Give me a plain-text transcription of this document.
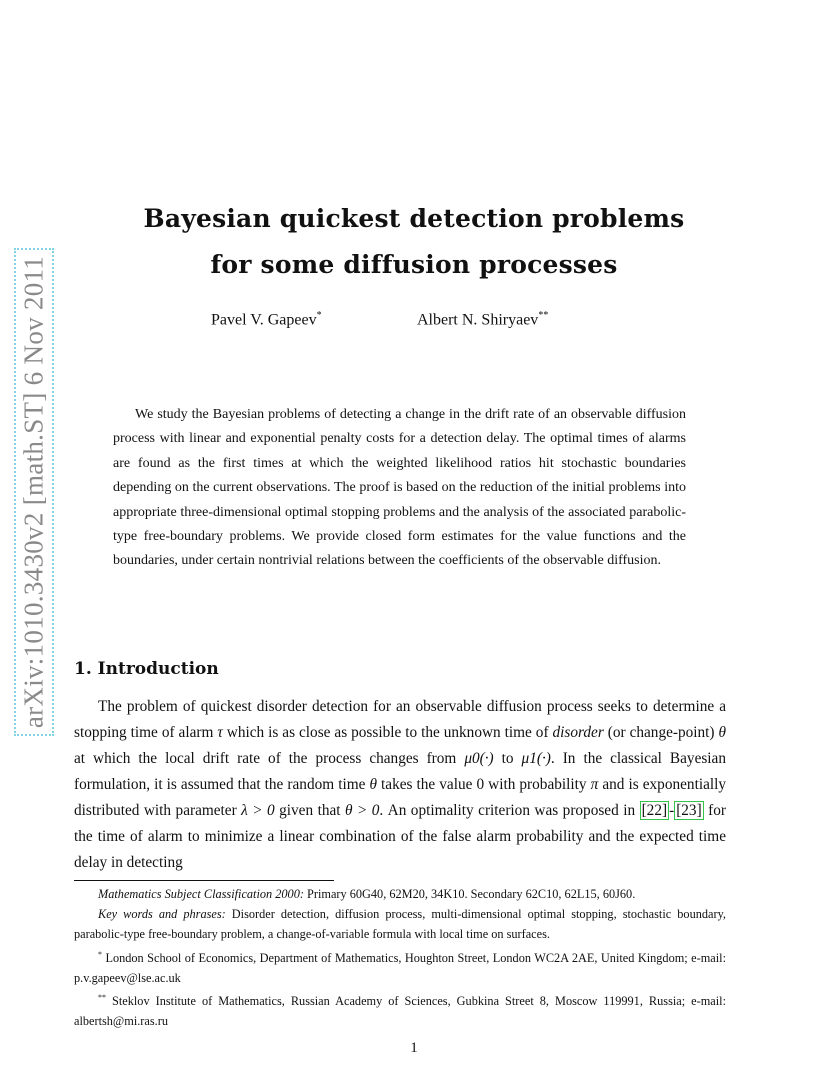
arXiv:1010.3430v2 [math.ST] 6 Nov 2011
Bayesian quickest detection problems
for some diffusion processes
Pavel V. Gapeev*	Albert N. Shiryaev**
We study the Bayesian problems of detecting a change in the drift rate of an observable diffusion process with linear and exponential penalty costs for a detection delay. The optimal times of alarms are found as the first times at which the weighted likelihood ratios hit stochastic boundaries depending on the current observations. The proof is based on the reduction of the initial problems into appropriate three-dimensional optimal stopping problems and the analysis of the associated parabolic-type free-boundary problems. We provide closed form estimates for the value functions and the boundaries, under certain nontrivial relations between the coefficients of the observable diffusion.
1. Introduction

The problem of quickest disorder detection for an observable diffusion process seeks to determine a stopping time of alarm τ which is as close as possible to the unknown time of disorder (or change-point) θ at which the local drift rate of the process changes from μ0(·) to μ1(·). In the classical Bayesian formulation, it is assumed that the random time θ takes the value 0 with probability π and is exponentially distributed with parameter λ > 0 given that θ > 0. An optimality criterion was proposed in [22] - [23] for the time of alarm to minimize a linear combination of the false alarm probability and the expected time delay in detecting

Mathematics Subject Classification 2000: Primary 60G40, 62M20, 34K10. Secondary 62C10, 62L15, 60J60.

Key words and phrases: Disorder detection, diffusion process, multi-dimensional optimal stopping, stochastic boundary, parabolic-type free-boundary problem, a change-of-variable formula with local time on surfaces.

* London School of Economics, Department of Mathematics, Houghton Street, London WC2A 2AE, United Kingdom; e-mail: p.v.gapeev@lse.ac.uk

** Steklov Institute of Mathematics, Russian Academy of Sciences, Gubkina Street 8, Moscow 119991, Russia; e-mail: albertsh@mi.ras.ru

1
